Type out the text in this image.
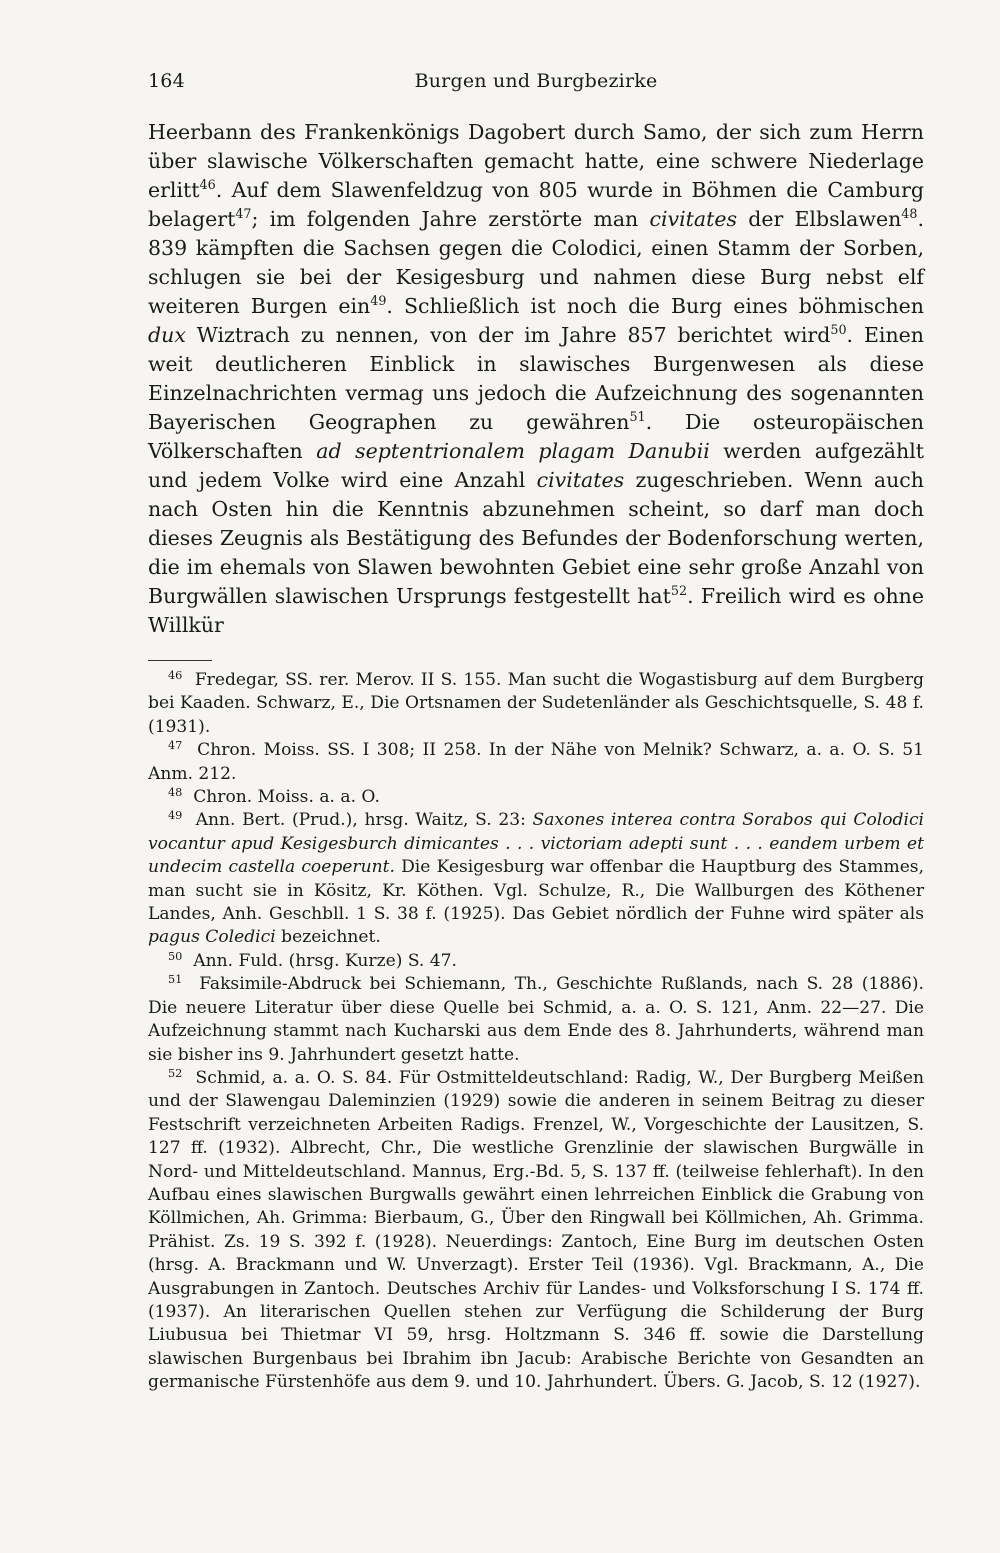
164	Burgen und Burgbezirke

Heerbann des Frankenkönigs Dagobert durch Samo, der sich zum Herrn über slawische Völkerschaften gemacht hatte, eine schwere Niederlage erlitt$^{46}$. Auf dem Slawenfeldzug von 805 wurde in Böhmen die Camburg belagert$^{47}$; im folgenden Jahre zerstörte man civitates der Elbslawen$^{48}$. 839 kämpften die Sachsen gegen die Colodici, einen Stamm der Sorben, schlugen sie bei der Kesigesburg und nahmen diese Burg nebst elf weiteren Burgen ein$^{49}$. Schließlich ist noch die Burg eines böhmischen dux Wiztrach zu nennen, von der im Jahre 857 berichtet wird$^{50}$. Einen weit deutlicheren Einblick in slawisches Burgenwesen als diese Einzelnachrichten vermag uns jedoch die Aufzeichnung des sogenannten Bayerischen Geographen zu gewähren$^{51}$. Die osteuropäischen Völkerschaften ad septentrionalem plagam Danubii werden aufgezählt und jedem Volke wird eine Anzahl civitates zugeschrieben. Wenn auch nach Osten hin die Kenntnis abzunehmen scheint, so darf man doch dieses Zeugnis als Bestätigung des Befundes der Bodenforschung werten, die im ehemals von Slawen bewohnten Gebiet eine sehr große Anzahl von Burgwällen slawischen Ursprungs festgestellt hat$^{52}$. Freilich wird es ohne Willkür

$^{46}$ Fredegar, SS. rer. Merov. II S. 155. Man sucht die Wogastisburg auf dem Burgberg bei Kaaden. Schwarz, E., Die Ortsnamen der Sudetenländer als Geschichtsquelle, S. 48 f. (1931).

$^{47}$ Chron. Moiss. SS. I 308; II 258. In der Nähe von Melnik? Schwarz, a. a. O. S. 51 Anm. 212.

$^{48}$ Chron. Moiss. a. a. O.

$^{49}$ Ann. Bert. (Prud.), hrsg. Waitz, S. 23: Saxones interea contra Sorabos qui Colodici vocantur apud Kesigesburch dimicantes . . . victoriam adepti sunt . . . eandem urbem et undecim castella coeperunt. Die Kesigesburg war offenbar die Hauptburg des Stammes, man sucht sie in Kösitz, Kr. Köthen. Vgl. Schulze, R., Die Wallburgen des Köthener Landes, Anh. Geschbll. 1 S. 38 f. (1925). Das Gebiet nördlich der Fuhne wird später als pagus Coledici bezeichnet.

$^{50}$ Ann. Fuld. (hrsg. Kurze) S. 47.

$^{51}$ Faksimile-Abdruck bei Schiemann, Th., Geschichte Rußlands, nach S. 28 (1886). Die neuere Literatur über diese Quelle bei Schmid, a. a. O. S. 121, Anm. 22—27. Die Aufzeichnung stammt nach Kucharski aus dem Ende des 8. Jahrhunderts, während man sie bisher ins 9. Jahrhundert gesetzt hatte.

$^{52}$ Schmid, a. a. O. S. 84. Für Ostmitteldeutschland: Radig, W., Der Burgberg Meißen und der Slawengau Daleminzien (1929) sowie die anderen in seinem Beitrag zu dieser Festschrift verzeichneten Arbeiten Radigs. Frenzel, W., Vorgeschichte der Lausitzen, S. 127 ff. (1932). Albrecht, Chr., Die westliche Grenzlinie der slawischen Burgwälle in Nord- und Mitteldeutschland. Mannus, Erg.-Bd. 5, S. 137 ff. (teilweise fehlerhaft). In den Aufbau eines slawischen Burgwalls gewährt einen lehrreichen Einblick die Grabung von Köllmichen, Ah. Grimma: Bierbaum, G., Über den Ringwall bei Köllmichen, Ah. Grimma. Prähist. Zs. 19 S. 392 f. (1928). Neuerdings: Zantoch, Eine Burg im deutschen Osten (hrsg. A. Brackmann und W. Unverzagt). Erster Teil (1936). Vgl. Brackmann, A., Die Ausgrabungen in Zantoch. Deutsches Archiv für Landes- und Volksforschung I S. 174 ff. (1937). An literarischen Quellen stehen zur Verfügung die Schilderung der Burg Liubusua bei Thietmar VI 59, hrsg. Holtzmann S. 346 ff. sowie die Darstellung slawischen Burgenbaus bei Ibrahim ibn Jacub: Arabische Berichte von Gesandten an germanische Fürstenhöfe aus dem 9. und 10. Jahrhundert. Übers. G. Jacob, S. 12 (1927).
